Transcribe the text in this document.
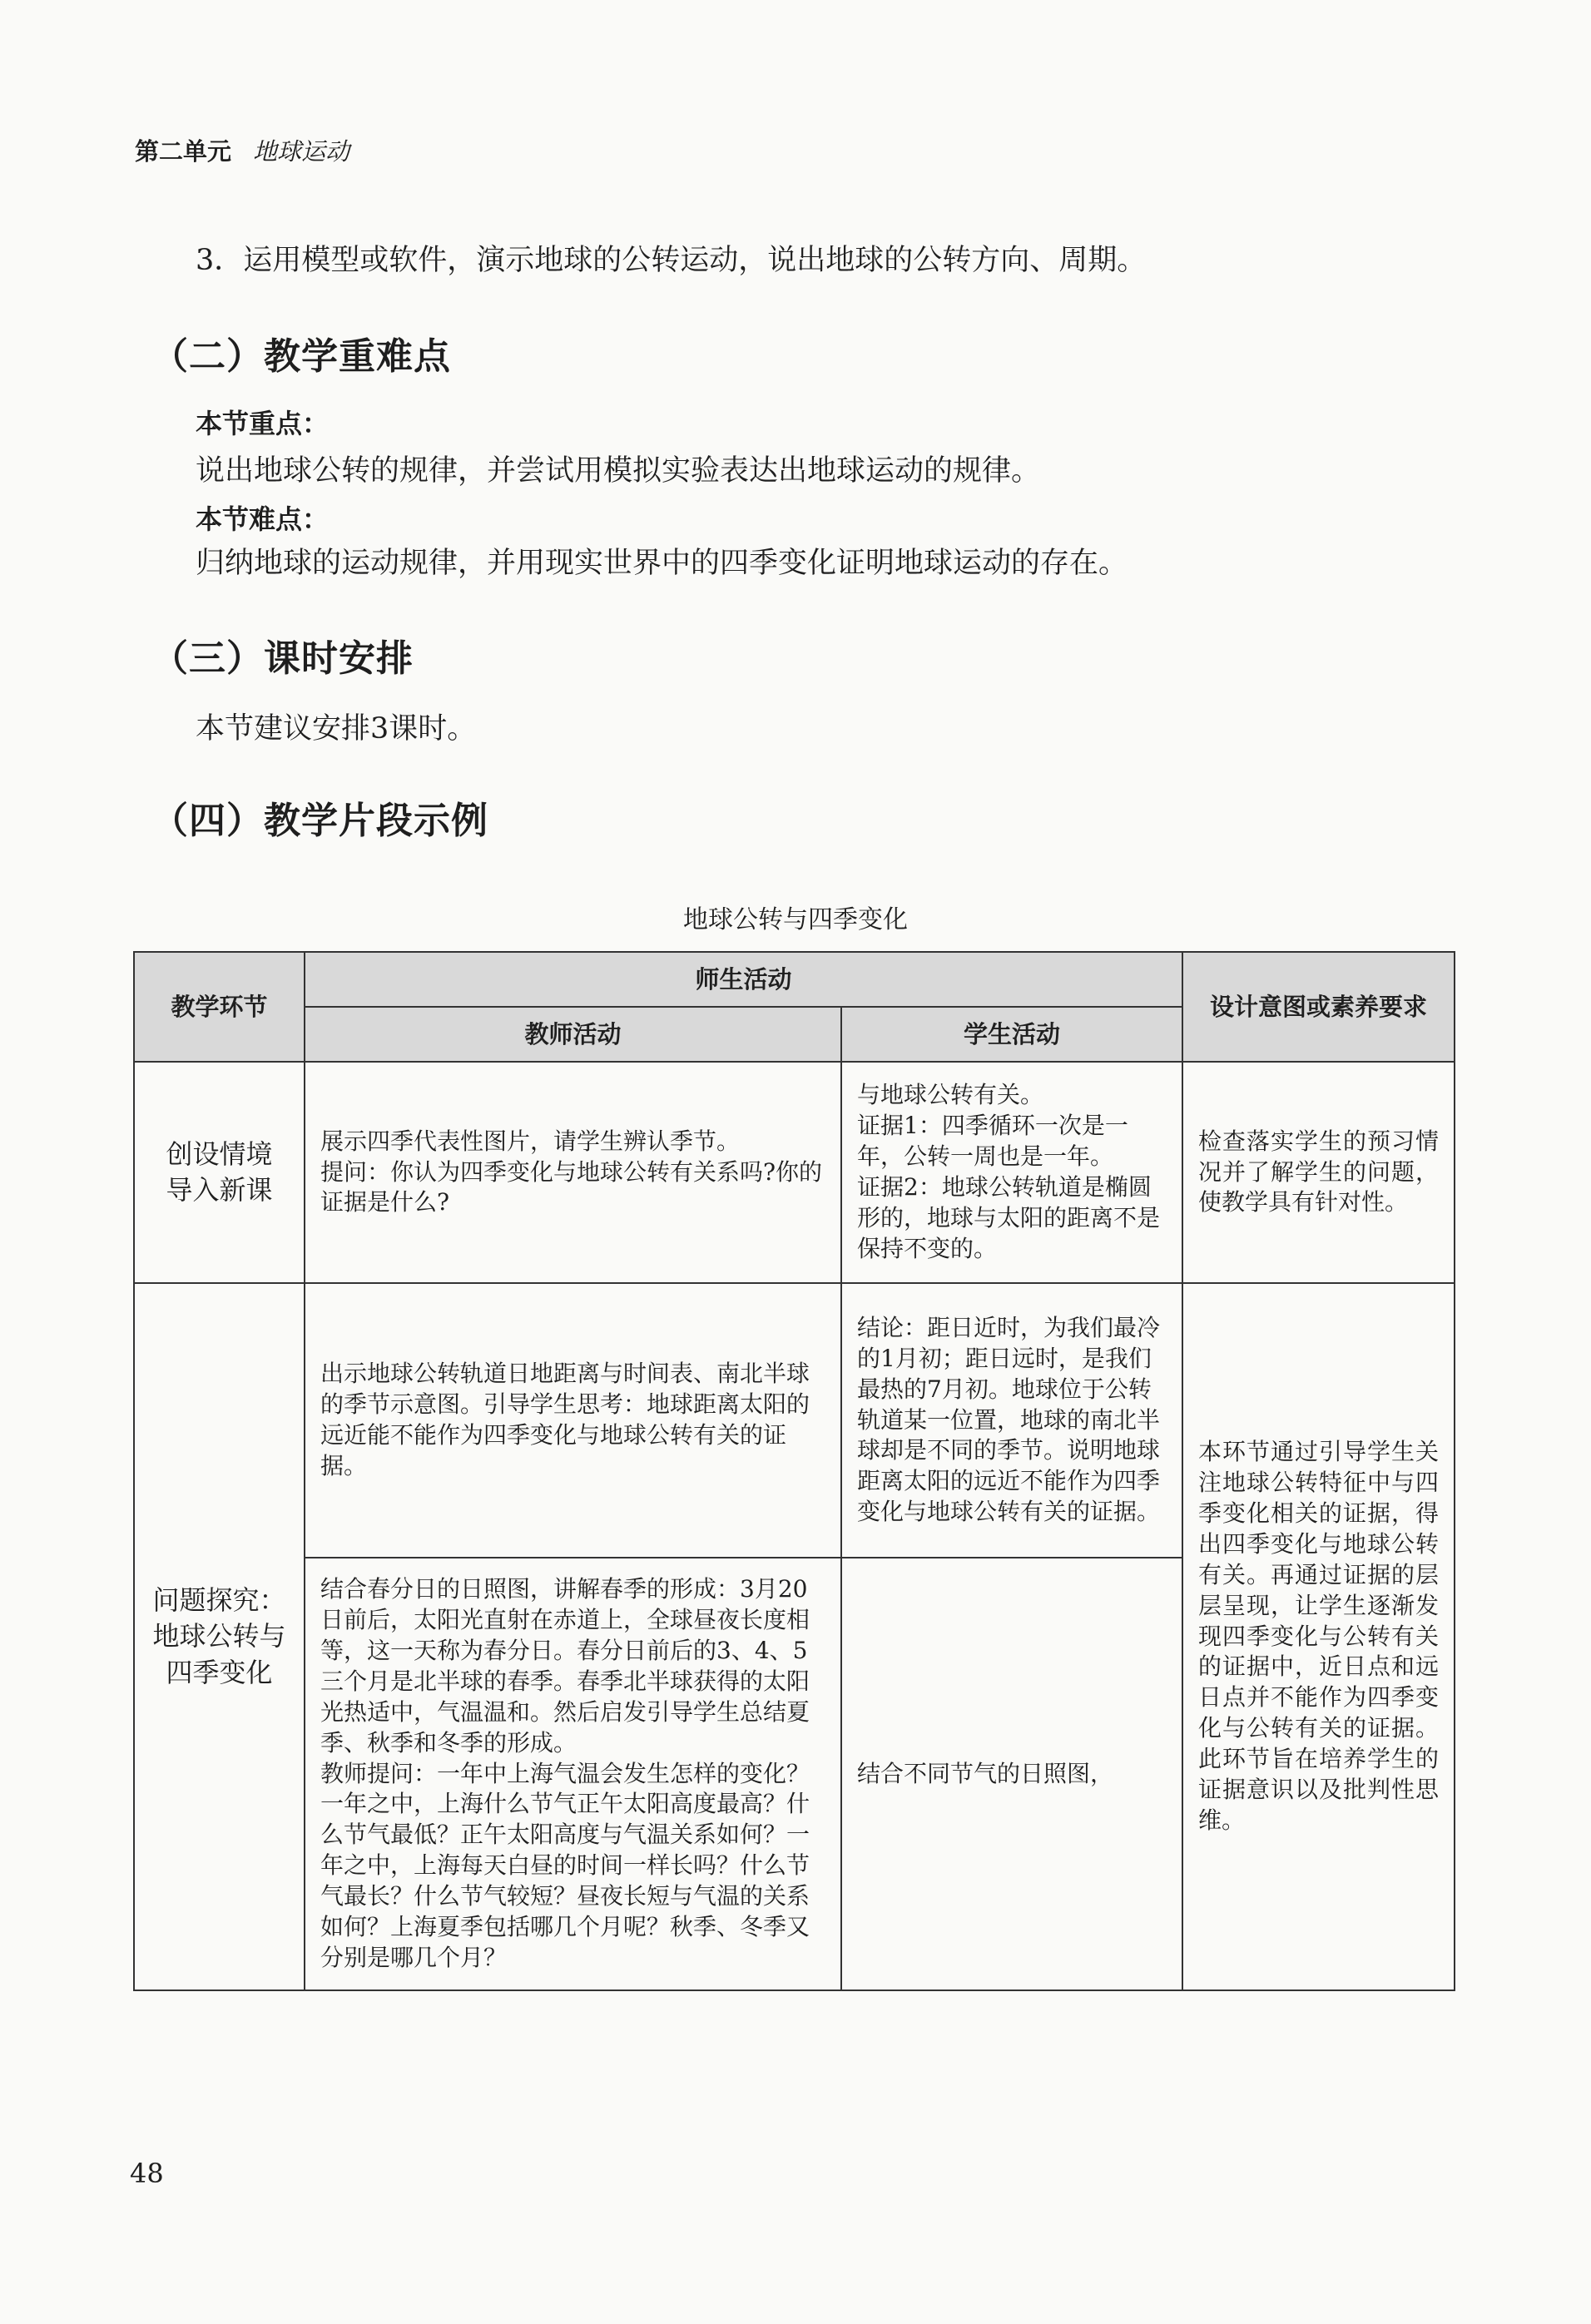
第二单元 地球运动
3．运用模型或软件，演示地球的公转运动，说出地球的公转方向、周期。
（二）教学重难点
本节重点：
说出地球公转的规律，并尝试用模拟实验表达出地球运动的规律。
本节难点：
归纳地球的运动规律，并用现实世界中的四季变化证明地球运动的存在。
（三）课时安排
本节建议安排3课时。
（四）教学片段示例
地球公转与四季变化
教学环节	师生活动		设计意图或素养要求
	教师活动	学生活动	
创设情境
导入新课	展示四季代表性图片，请学生辨认季节。
提问：你认为四季变化与地球公转有关系吗?你的证据是什么?	与地球公转有关。
证据1：四季循环一次是一年，公转一周也是一年。
证据2：地球公转轨道是椭圆形的，地球与太阳的距离不是保持不变的。	检查落实学生的预习情况并了解学生的问题，使教学具有针对性。
问题探究：
地球公转与
四季变化	出示地球公转轨道日地距离与时间表、南北半球的季节示意图。引导学生思考：地球距离太阳的远近能不能作为四季变化与地球公转有关的证据。	结论：距日近时，为我们最冷的1月初；距日远时，是我们最热的7月初。地球位于公转轨道某一位置，地球的南北半球却是不同的季节。说明地球距离太阳的远近不能作为四季变化与地球公转有关的证据。	本环节通过引导学生关注地球公转特征中与四季变化相关的证据，得出四季变化与地球公转有关。再通过证据的层层呈现，让学生逐渐发现四季变化与公转有关的证据中，近日点和远日点并不能作为四季变化与公转有关的证据。此环节旨在培养学生的证据意识以及批判性思维。
	结合春分日的日照图，讲解春季的形成：3月20日前后，太阳光直射在赤道上，全球昼夜长度相等，这一天称为春分日。春分日前后的3、4、5三个月是北半球的春季。春季北半球获得的太阳光热适中，气温温和。然后启发引导学生总结夏季、秋季和冬季的形成。
教师提问：一年中上海气温会发生怎样的变化？一年之中，上海什么节气正午太阳高度最高？什么节气最低？正午太阳高度与气温关系如何？一年之中，上海每天白昼的时间一样长吗？什么节气最长？什么节气较短？昼夜长短与气温的关系如何？上海夏季包括哪几个月呢？秋季、冬季又分别是哪几个月？	结合不同节气的日照图，	
48
